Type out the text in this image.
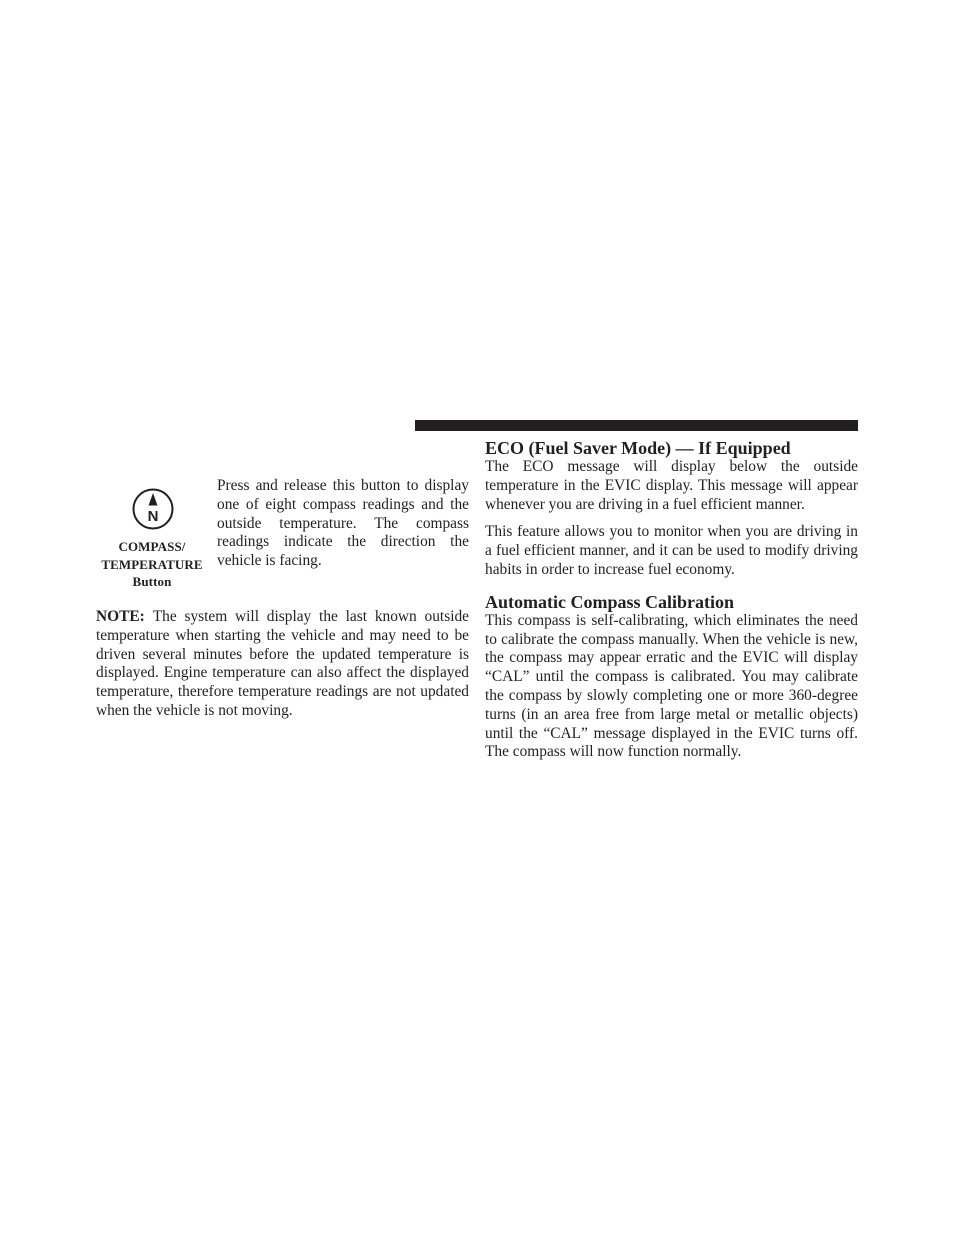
N
COMPASS/
TEMPERATURE
Button

Press and release this button to display one of eight compass readings and the outside temperature. The compass readings indicate the direction the vehicle is facing.

NOTE: The system will display the last known outside temperature when starting the vehicle and may need to be driven several minutes before the updated temperature is displayed. Engine temperature can also affect the displayed temperature, therefore temperature readings are not updated when the vehicle is not moving.

ECO (Fuel Saver Mode) — If Equipped

The ECO message will display below the outside temperature in the EVIC display. This message will appear whenever you are driving in a fuel efficient manner.

This feature allows you to monitor when you are driving in a fuel efficient manner, and it can be used to modify driving habits in order to increase fuel economy.

Automatic Compass Calibration

This compass is self-calibrating, which eliminates the need to calibrate the compass manually. When the vehicle is new, the compass may appear erratic and the EVIC will display “CAL” until the compass is calibrated. You may calibrate the compass by slowly completing one or more 360-degree turns (in an area free from large metal or metallic objects) until the “CAL” message displayed in the EVIC turns off. The compass will now function normally.
